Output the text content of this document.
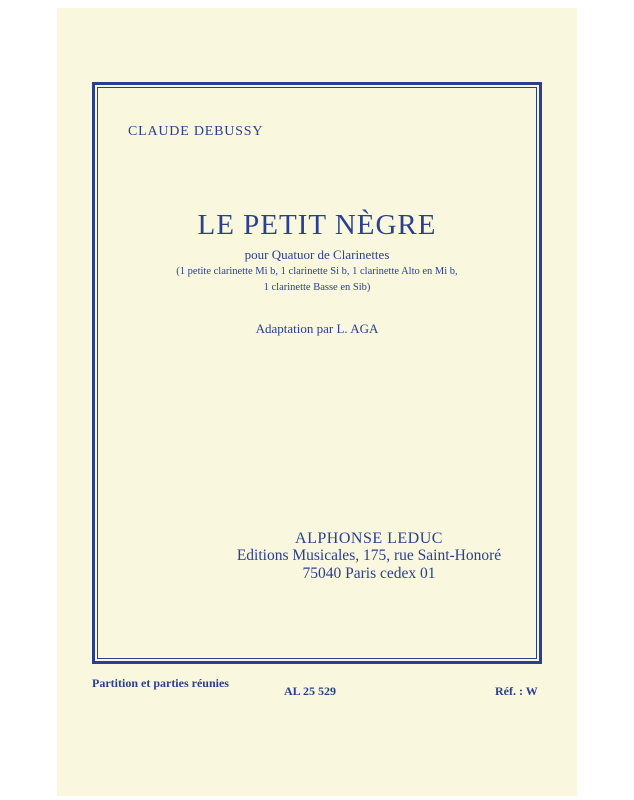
CLAUDE DEBUSSY
LE PETIT NÈGRE
pour Quatuor de Clarinettes
(1 petite clarinette Mi b, 1 clarinette Si b, 1 clarinette Alto en Mi b,
1 clarinette Basse en Sib)
Adaptation par L. AGA
ALPHONSE LEDUC
Editions Musicales, 175, rue Saint-Honoré
75040 Paris cedex 01
Partition et parties réunies
AL 25 529	Réf. : W
